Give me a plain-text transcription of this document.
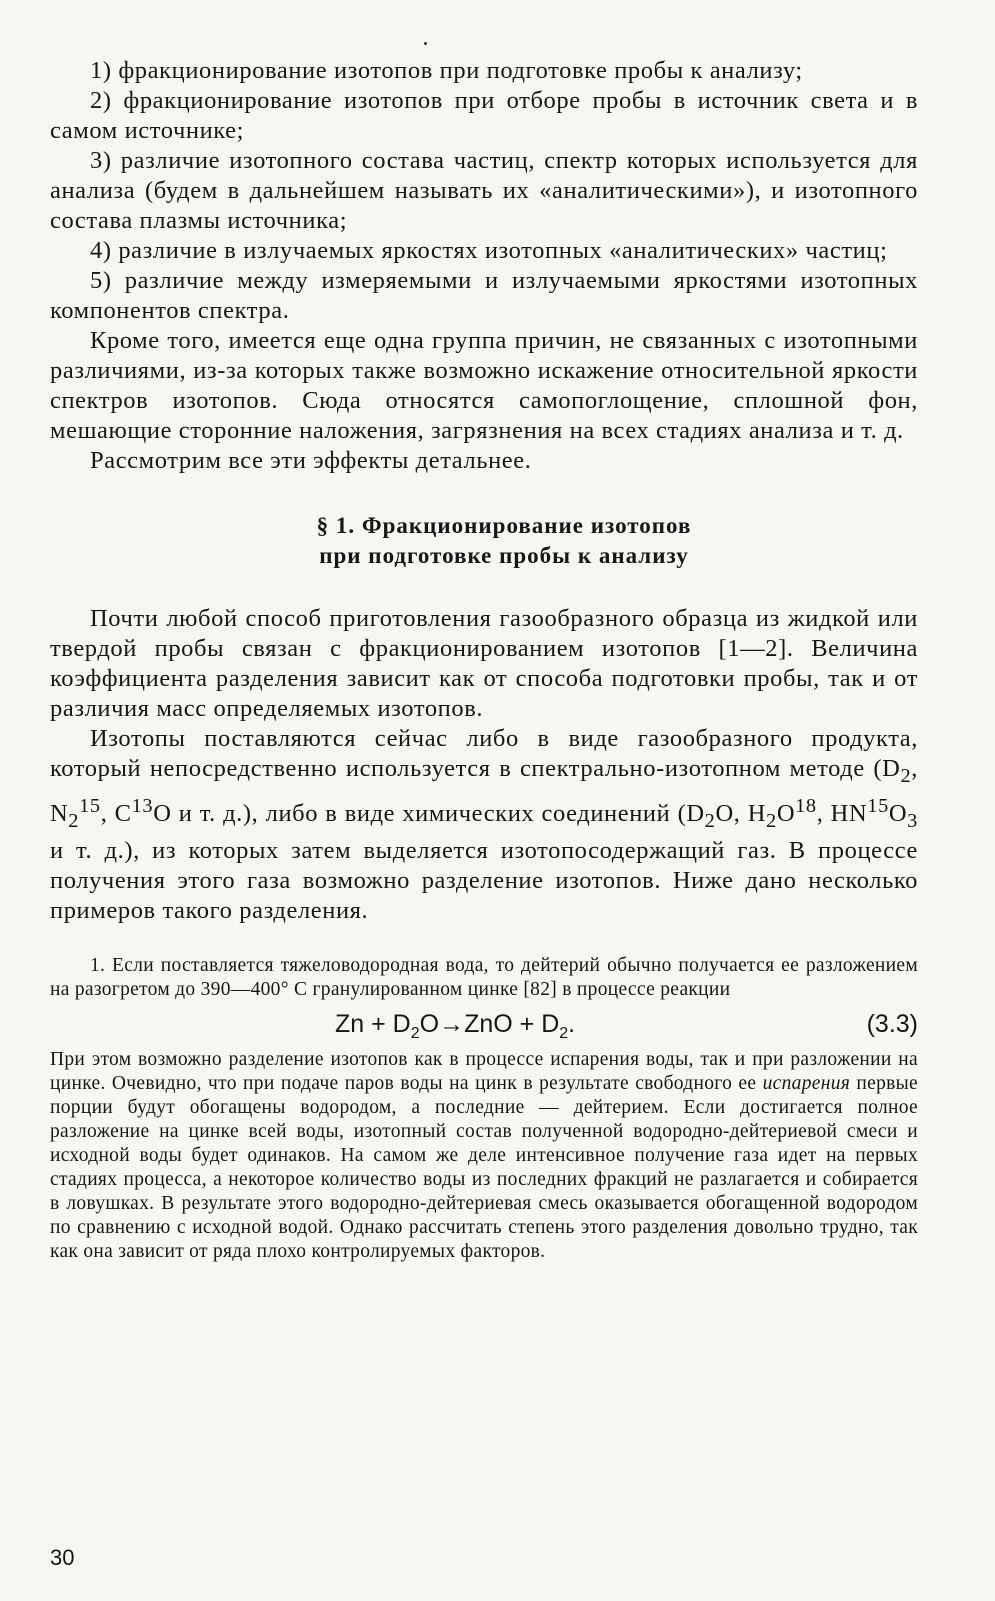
1) фракционирование изотопов при подготовке пробы к анализу;

2) фракционирование изотопов при отборе пробы в источник света и в самом источнике;

3) различие изотопного состава частиц, спектр которых используется для анализа (будем в дальнейшем называть их «аналитическими»), и изотопного состава плазмы источника;

4) различие в излучаемых яркостях изотопных «аналитических» частиц;

5) различие между измеряемыми и излучаемыми яркостями изотопных компонентов спектра.

Кроме того, имеется еще одна группа причин, не связанных с изотопными различиями, из-за которых также возможно искажение относительной яркости спектров изотопов. Сюда относятся самопоглощение, сплошной фон, мешающие сторонние наложения, загрязнения на всех стадиях анализа и т. д.

Рассмотрим все эти эффекты детальнее.

§ 1. Фракционирование изотопов
при подготовке пробы к анализу

Почти любой способ приготовления газообразного образца из жидкой или твердой пробы связан с фракционированием изотопов [1—2]. Величина коэффициента разделения зависит как от способа подготовки пробы, так и от различия масс определяемых изотопов.

Изотопы поставляются сейчас либо в виде газообразного продукта, который непосредственно используется в спектрально-изотопном методе ($D_2$, $N_2^{15}$, $C^{13}O$ и т. д.), либо в виде химических соединений ($D_2O$, $H_2O^{18}$, $HN^{15}O_3$ и т. д.), из которых затем выделяется изотопосодержащий газ. В процессе получения этого газа возможно разделение изотопов. Ниже дано несколько примеров такого разделения.

1. Если поставляется тяжеловодородная вода, то дейтерий обычно получается ее разложением на разогретом до 390—400° С гранулированном цинке [82] в процессе реакции

$Zn + D_2O\to ZnO + D_2$.	(3.3)

При этом возможно разделение изотопов как в процессе испарения воды, так и при разложении на цинке. Очевидно, что при подаче паров воды на цинк в результате свободного ее испарения первые порции будут обогащены водородом, а последние — дейтерием. Если достигается полное разложение на цинке всей воды, изотопный состав полученной водородно-дейтериевой смеси и исходной воды будет одинаков. На самом же деле интенсивное получение газа идет на первых стадиях процесса, а некоторое количество воды из последних фракций не разлагается и собирается в ловушках. В результате этого водородно-дейтериевая смесь оказывается обогащенной водородом по сравнению с исходной водой. Однако рассчитать степень этого разделения довольно трудно, так как она зависит от ряда плохо контролируемых факторов.

30
